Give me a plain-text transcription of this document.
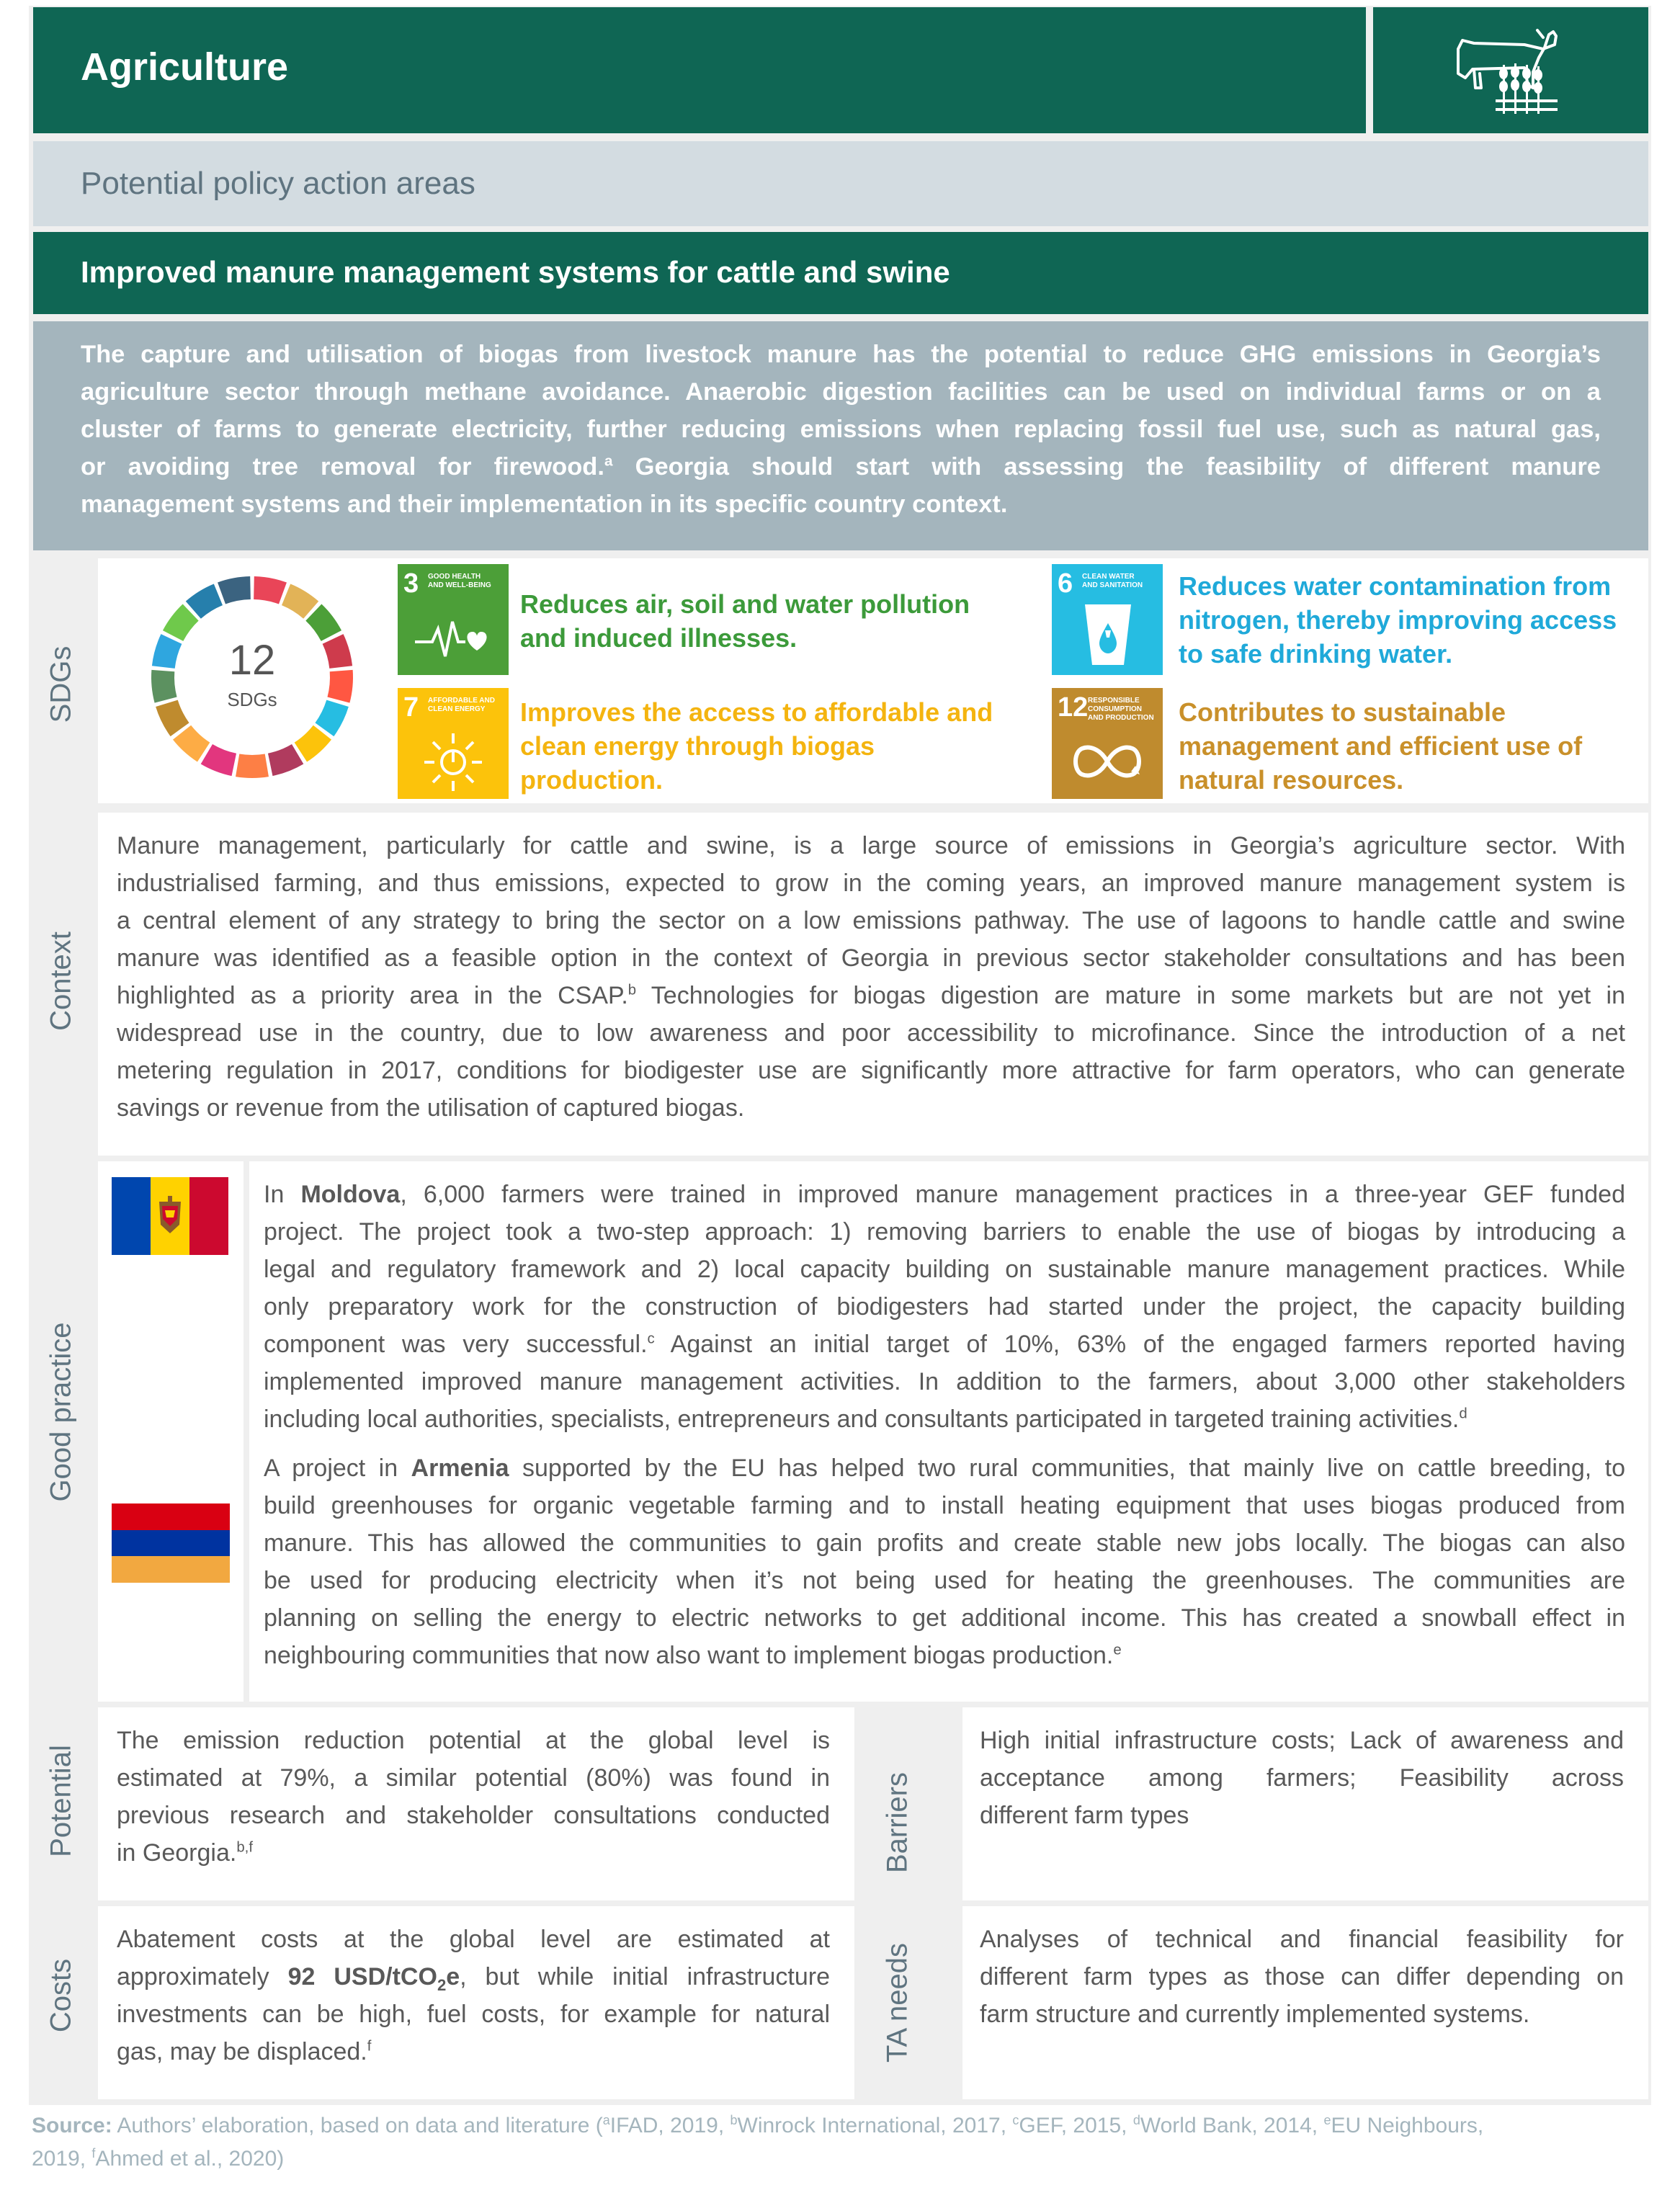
Agriculture
Potential policy action areas
Improved manure management systems for cattle and swine
The capture and utilisation of biogas from livestock manure has the potential to reduce GHG emissions in Georgia’s
agriculture sector through methane avoidance. Anaerobic digestion facilities can be used on individual farms or on a
cluster of farms to generate electricity, further reducing emissions when replacing fossil fuel use, such as natural gas,
or avoiding tree removal for firewood.$^a$ Georgia should start with assessing the feasibility of different manure
management systems and their implementation in its specific country context.
SDGs
Context
Good practice
Potential
Costs
Barriers
TA needs
12
SDGs
3 GOOD HEALTH
AND WELL-BEING
Reduces air, soil and water pollution
and induced illnesses.
7 AFFORDABLE AND
CLEAN ENERGY	Improves the access to affordable and
clean energy through biogas
production.
6 CLEAN WATER
AND SANITATION Reduces water contamination from
nitrogen, thereby improving access
to safe drinking water.
12 RESPONSIBLE
CONSUMPTION AND PRODUCTION Contributes to sustainable
management and efficient use of
natural resources.
Manure management, particularly for cattle and swine, is a large source of emissions in Georgia’s agriculture sector. With
industrialised farming, and thus emissions, expected to grow in the coming years, an improved manure management system is
a central element of any strategy to bring the sector on a low emissions pathway. The use of lagoons to handle cattle and swine
manure was identified as a feasible option in the context of Georgia in previous sector stakeholder consultations and has been
highlighted as a priority area in the CSAP.$^b$ Technologies for biogas digestion are mature in some markets but are not yet in
widespread use in the country, due to low awareness and poor accessibility to microfinance. Since the introduction of a net
metering regulation in 2017, conditions for biodigester use are significantly more attractive for farm operators, who can generate
savings or revenue from the utilisation of captured biogas.
In Moldova, 6,000 farmers were trained in improved manure management practices in a three-year GEF funded
project. The project took a two-step approach: 1) removing barriers to enable the use of biogas by introducing a
legal and regulatory framework and 2) local capacity building on sustainable manure management practices. While
only preparatory work for the construction of biodigesters had started under the project, the capacity building
component was very successful.$^c$ Against an initial target of 10%, 63% of the engaged farmers reported having
implemented improved manure management activities. In addition to the farmers, about 3,000 other stakeholders
including local authorities, specialists, entrepreneurs and consultants participated in targeted training activities.$^d$
A project in Armenia supported by the EU has helped two rural communities, that mainly live on cattle breeding, to
build greenhouses for organic vegetable farming and to install heating equipment that uses biogas produced from
manure. This has allowed the communities to gain profits and create stable new jobs locally. The biogas can also
be used for producing electricity when it’s not being used for heating the greenhouses. The communities are
planning on selling the energy to electric networks to get additional income. This has created a snowball effect in
neighbouring communities that now also want to implement biogas production.$^e$
The emission reduction potential at the global level is
estimated at 79%, a similar potential (80%) was found in
previous research and stakeholder consultations conducted
in Georgia.$^{b,f}$
High initial infrastructure costs; Lack of awareness and
acceptance among farmers; Feasibility across
different farm types
Abatement costs at the global level are estimated at
approximately 92 USD/tCO$_2$e, but while initial infrastructure
investments can be high, fuel costs, for example for natural
gas, may be displaced.$^f$
Analyses of technical and financial feasibility for
different farm types as those can differ depending on
farm structure and currently implemented systems.
Source: Authors’ elaboration, based on data and literature ($^a$IFAD, 2019, $^b$Winrock International, 2017, $^c$GEF, 2015, $^d$World Bank, 2014, $^e$EU Neighbours,
2019, $^f$Ahmed et al., 2020)
